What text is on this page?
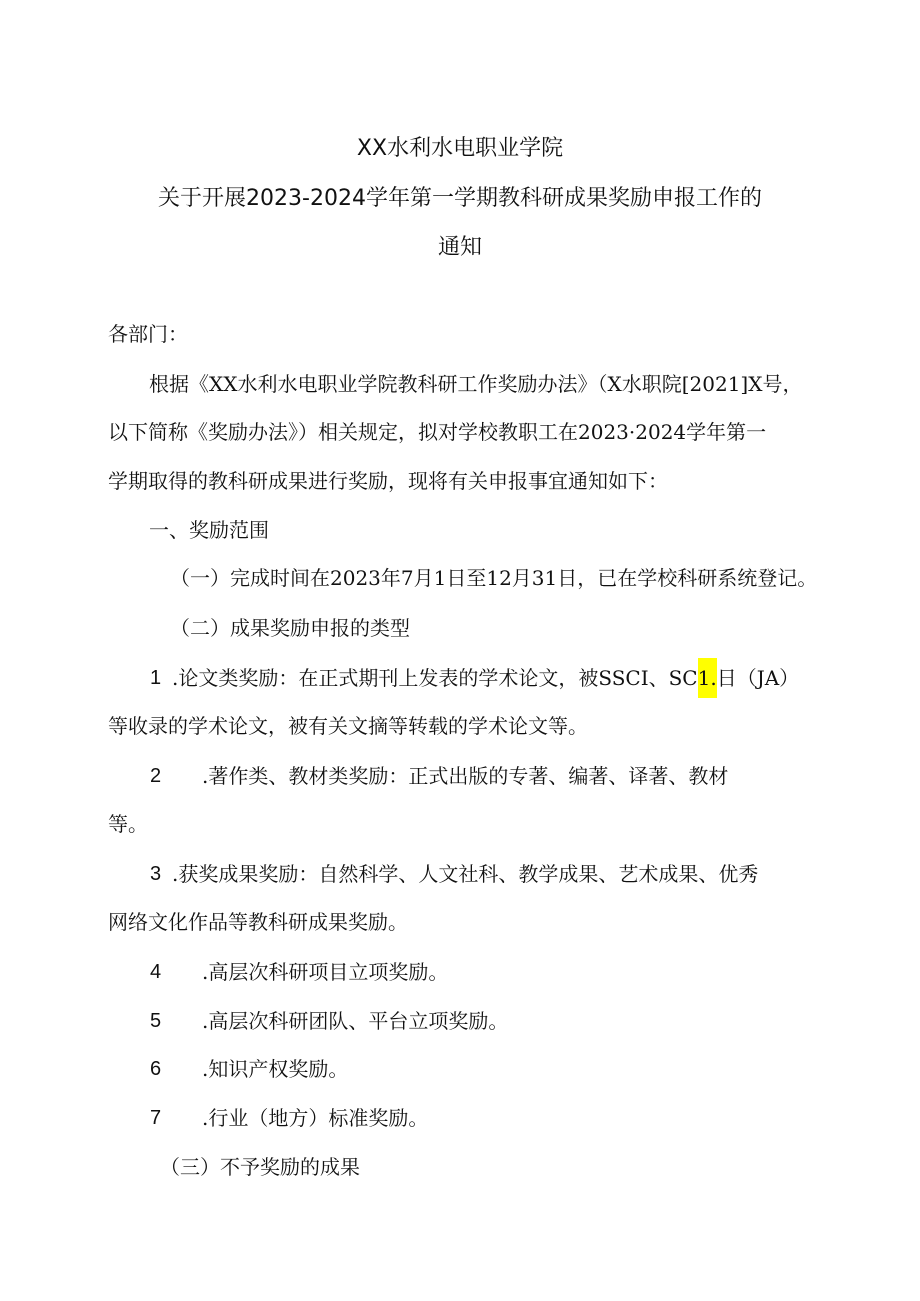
XX水利水电职业学院
关于开展2023-2024学年第一学期教科研成果奖励申报工作的
通知
各部门：
根据《XX水利水电职业学院教科研工作奖励办法》（X水职院[2021]X号，
以下简称《奖励办法》）相关规定，拟对学校教职工在2023·2024学年第一
学期取得的教科研成果进行奖励，现将有关申报事宜通知如下：
一、奖励范围
（一）完成时间在2023年7月1日至12月31日，已在学校科研系统登记。
（二）成果奖励申报的类型
1 .论文类奖励：在正式期刊上发表的学术论文，被SSCI、SC1.日（JA）
等收录的学术论文，被有关文摘等转载的学术论文等。
2 .著作类、教材类奖励：正式出版的专著、编著、译著、教材
等。
3 .获奖成果奖励：自然科学、人文社科、教学成果、艺术成果、优秀
网络文化作品等教科研成果奖励。
4 .高层次科研项目立项奖励。
5 .高层次科研团队、平台立项奖励。
6 .知识产权奖励。
7 .行业（地方）标准奖励。
（三）不予奖励的成果
